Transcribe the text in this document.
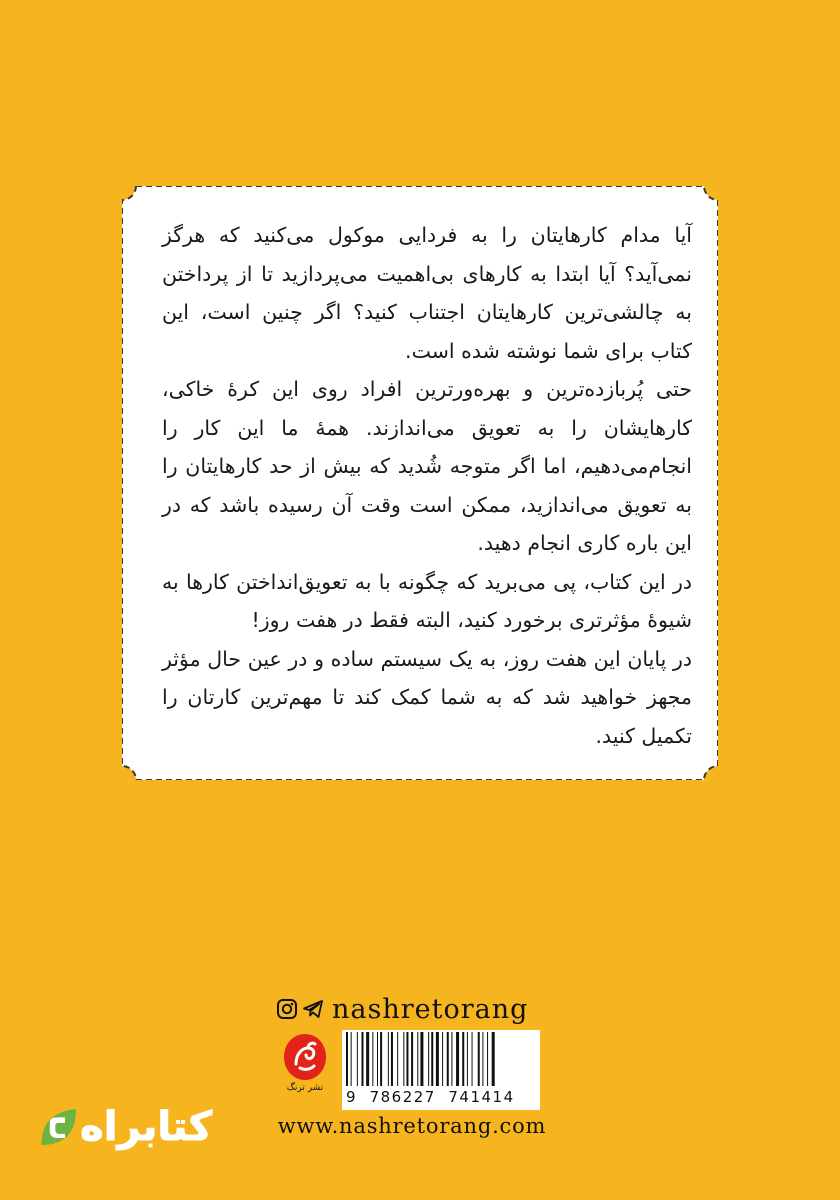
آیا مدام کارهایتان را به فردایی موکول می‌کنید که هرگز نمی‌آید؟ آیا ابتدا به کارهای بی‌اهمیت می‌پردازید تا از پرداختن به چالشی‌ترین کارهایتان اجتناب کنید؟ اگر چنین است، این کتاب برای شما نوشته شده است.

حتی پُربازده‌ترین و بهره‌ورترین افراد روی این کرهٔ خاکی، کارهایشان را به تعویق می‌اندازند. همهٔ ما این کار را انجام‌می‌دهیم، اما اگر متوجه شُدید که بیش از حد کارهایتان را به تعویق می‌اندازید، ممکن است وقت آن رسیده باشد که در این باره کاری انجام دهید.

در این کتاب، پی می‌برید که چگونه با به تعویق‌انداختن کارها به شیوهٔ مؤثرتری برخورد کنید، البته فقط در هفت روز!

در پایان این هفت روز، به یک سیستم ساده و در عین حال مؤثر مجهز خواهید شد که به شما کمک کند تا مهم‌ترین کارتان را تکمیل کنید.

nashretorang
نشر ترنگ 9  786227  741414
www.nashretorang.com
کتابراه
